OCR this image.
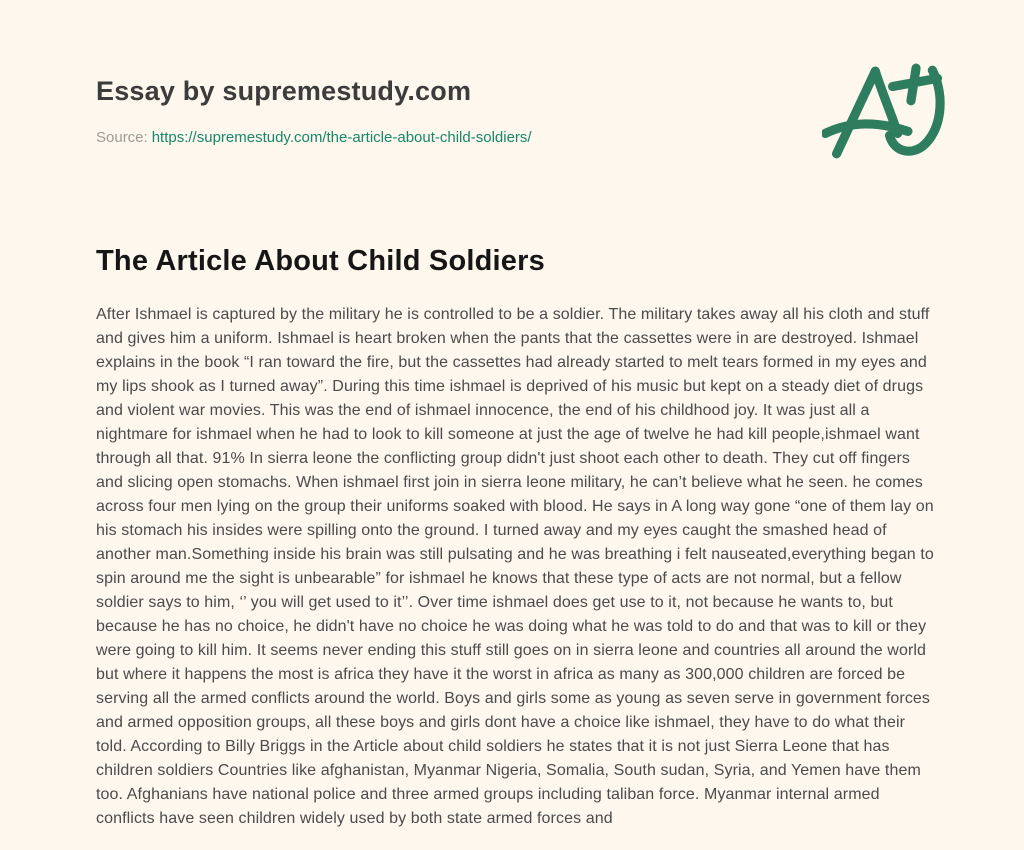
Essay by supremestudy.com
Source: https://supremestudy.com/the-article-about-child-soldiers/
The Article About Child Soldiers

After Ishmael is captured by the military he is controlled to be a soldier. The military takes away all his cloth and stuff and gives him a uniform. Ishmael is heart broken when the pants that the cassettes were in are destroyed. Ishmael explains in the book “I ran toward the fire, but the cassettes had already started to melt tears formed in my eyes and my lips shook as I turned away”. During this time ishmael is deprived of his music but kept on a steady diet of drugs and violent war movies. This was the end of ishmael innocence, the end of his childhood joy. It was just all a nightmare for ishmael when he had to look to kill someone at just the age of twelve he had kill people,ishmael want through all that. 91% In sierra leone the conflicting group didn't just shoot each other to death. They cut off fingers and slicing open stomachs. When ishmael first join in sierra leone military, he can’t believe what he seen. he comes across four men lying on the group their uniforms soaked with blood. He says in A long way gone “one of them lay on his stomach his insides were spilling onto the ground. I turned away and my eyes caught the smashed head of another man.Something inside his brain was still pulsating and he was breathing i felt nauseated,everything began to spin around me the sight is unbearable” for ishmael he knows that these type of acts are not normal, but a fellow soldier says to him, ‘’ you will get used to it’’. Over time ishmael does get use to it, not because he wants to, but because he has no choice, he didn't have no choice he was doing what he was told to do and that was to kill or they were going to kill him. It seems never ending this stuff still goes on in sierra leone and countries all around the world but where it happens the most is africa they have it the worst in africa as many as 300,000 children are forced be serving all the armed conflicts around the world. Boys and girls some as young as seven serve in government forces and armed opposition groups, all these boys and girls dont have a choice like ishmael, they have to do what their told. According to Billy Briggs in the Article about child soldiers he states that it is not just Sierra Leone that has children soldiers Countries like afghanistan, Myanmar Nigeria, Somalia, South sudan, Syria, and Yemen have them too. Afghanians have national police and three armed groups including taliban force. Myanmar internal armed conflicts have seen children widely used by both state armed forces and
